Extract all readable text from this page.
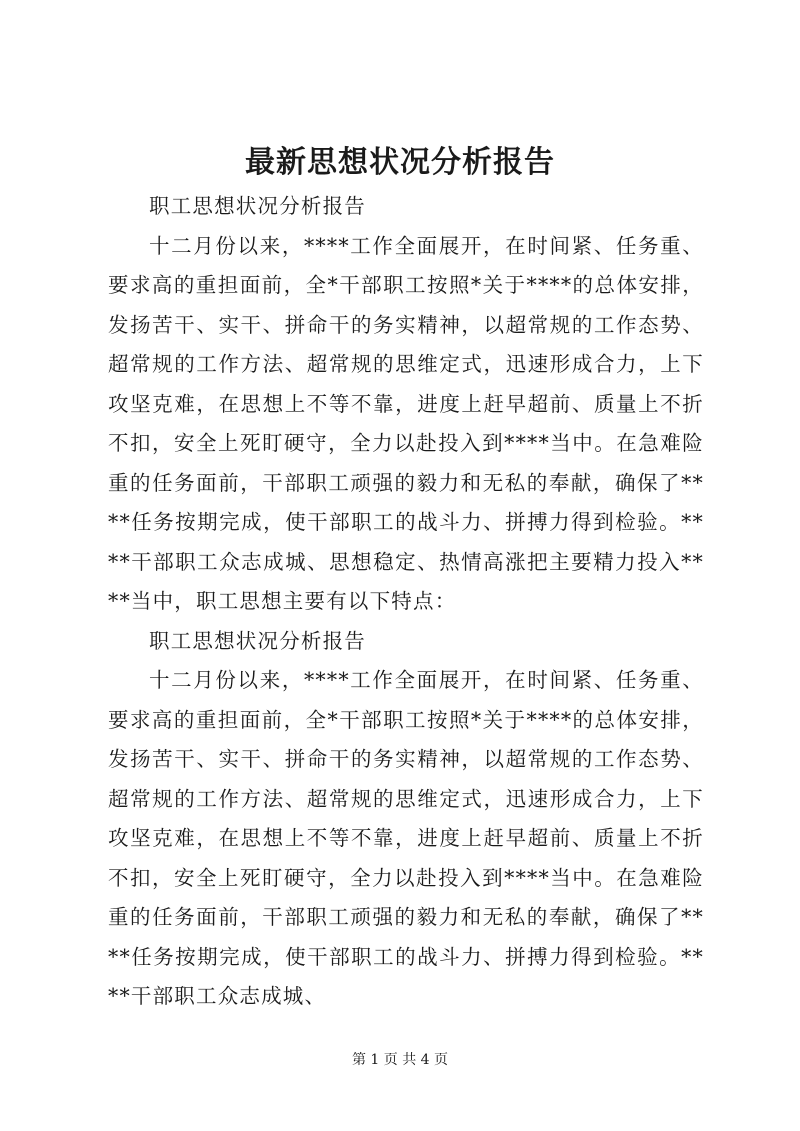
最新思想状况分析报告

职工思想状况分析报告

十二月份以来，****工作全面展开，在时间紧、任务重、要求高的重担面前，全*干部职工按照*关于****的总体安排，发扬苦干、实干、拼命干的务实精神，以超常规的工作态势、超常规的工作方法、超常规的思维定式，迅速形成合力，上下攻坚克难，在思想上不等不靠，进度上赶早超前、质量上不折不扣，安全上死盯硬守，全力以赴投入到****当中。在急难险重的任务面前，干部职工顽强的毅力和无私的奉献，确保了****任务按期完成，使干部职工的战斗力、拼搏力得到检验。****干部职工众志成城、思想稳定、热情高涨把主要精力投入****当中，职工思想主要有以下特点：

职工思想状况分析报告

十二月份以来，****工作全面展开，在时间紧、任务重、要求高的重担面前，全*干部职工按照*关于****的总体安排，发扬苦干、实干、拼命干的务实精神，以超常规的工作态势、超常规的工作方法、超常规的思维定式，迅速形成合力，上下攻坚克难，在思想上不等不靠，进度上赶早超前、质量上不折不扣，安全上死盯硬守，全力以赴投入到****当中。在急难险重的任务面前，干部职工顽强的毅力和无私的奉献，确保了****任务按期完成，使干部职工的战斗力、拼搏力得到检验。****干部职工众志成城、

第 1 页 共 4 页
